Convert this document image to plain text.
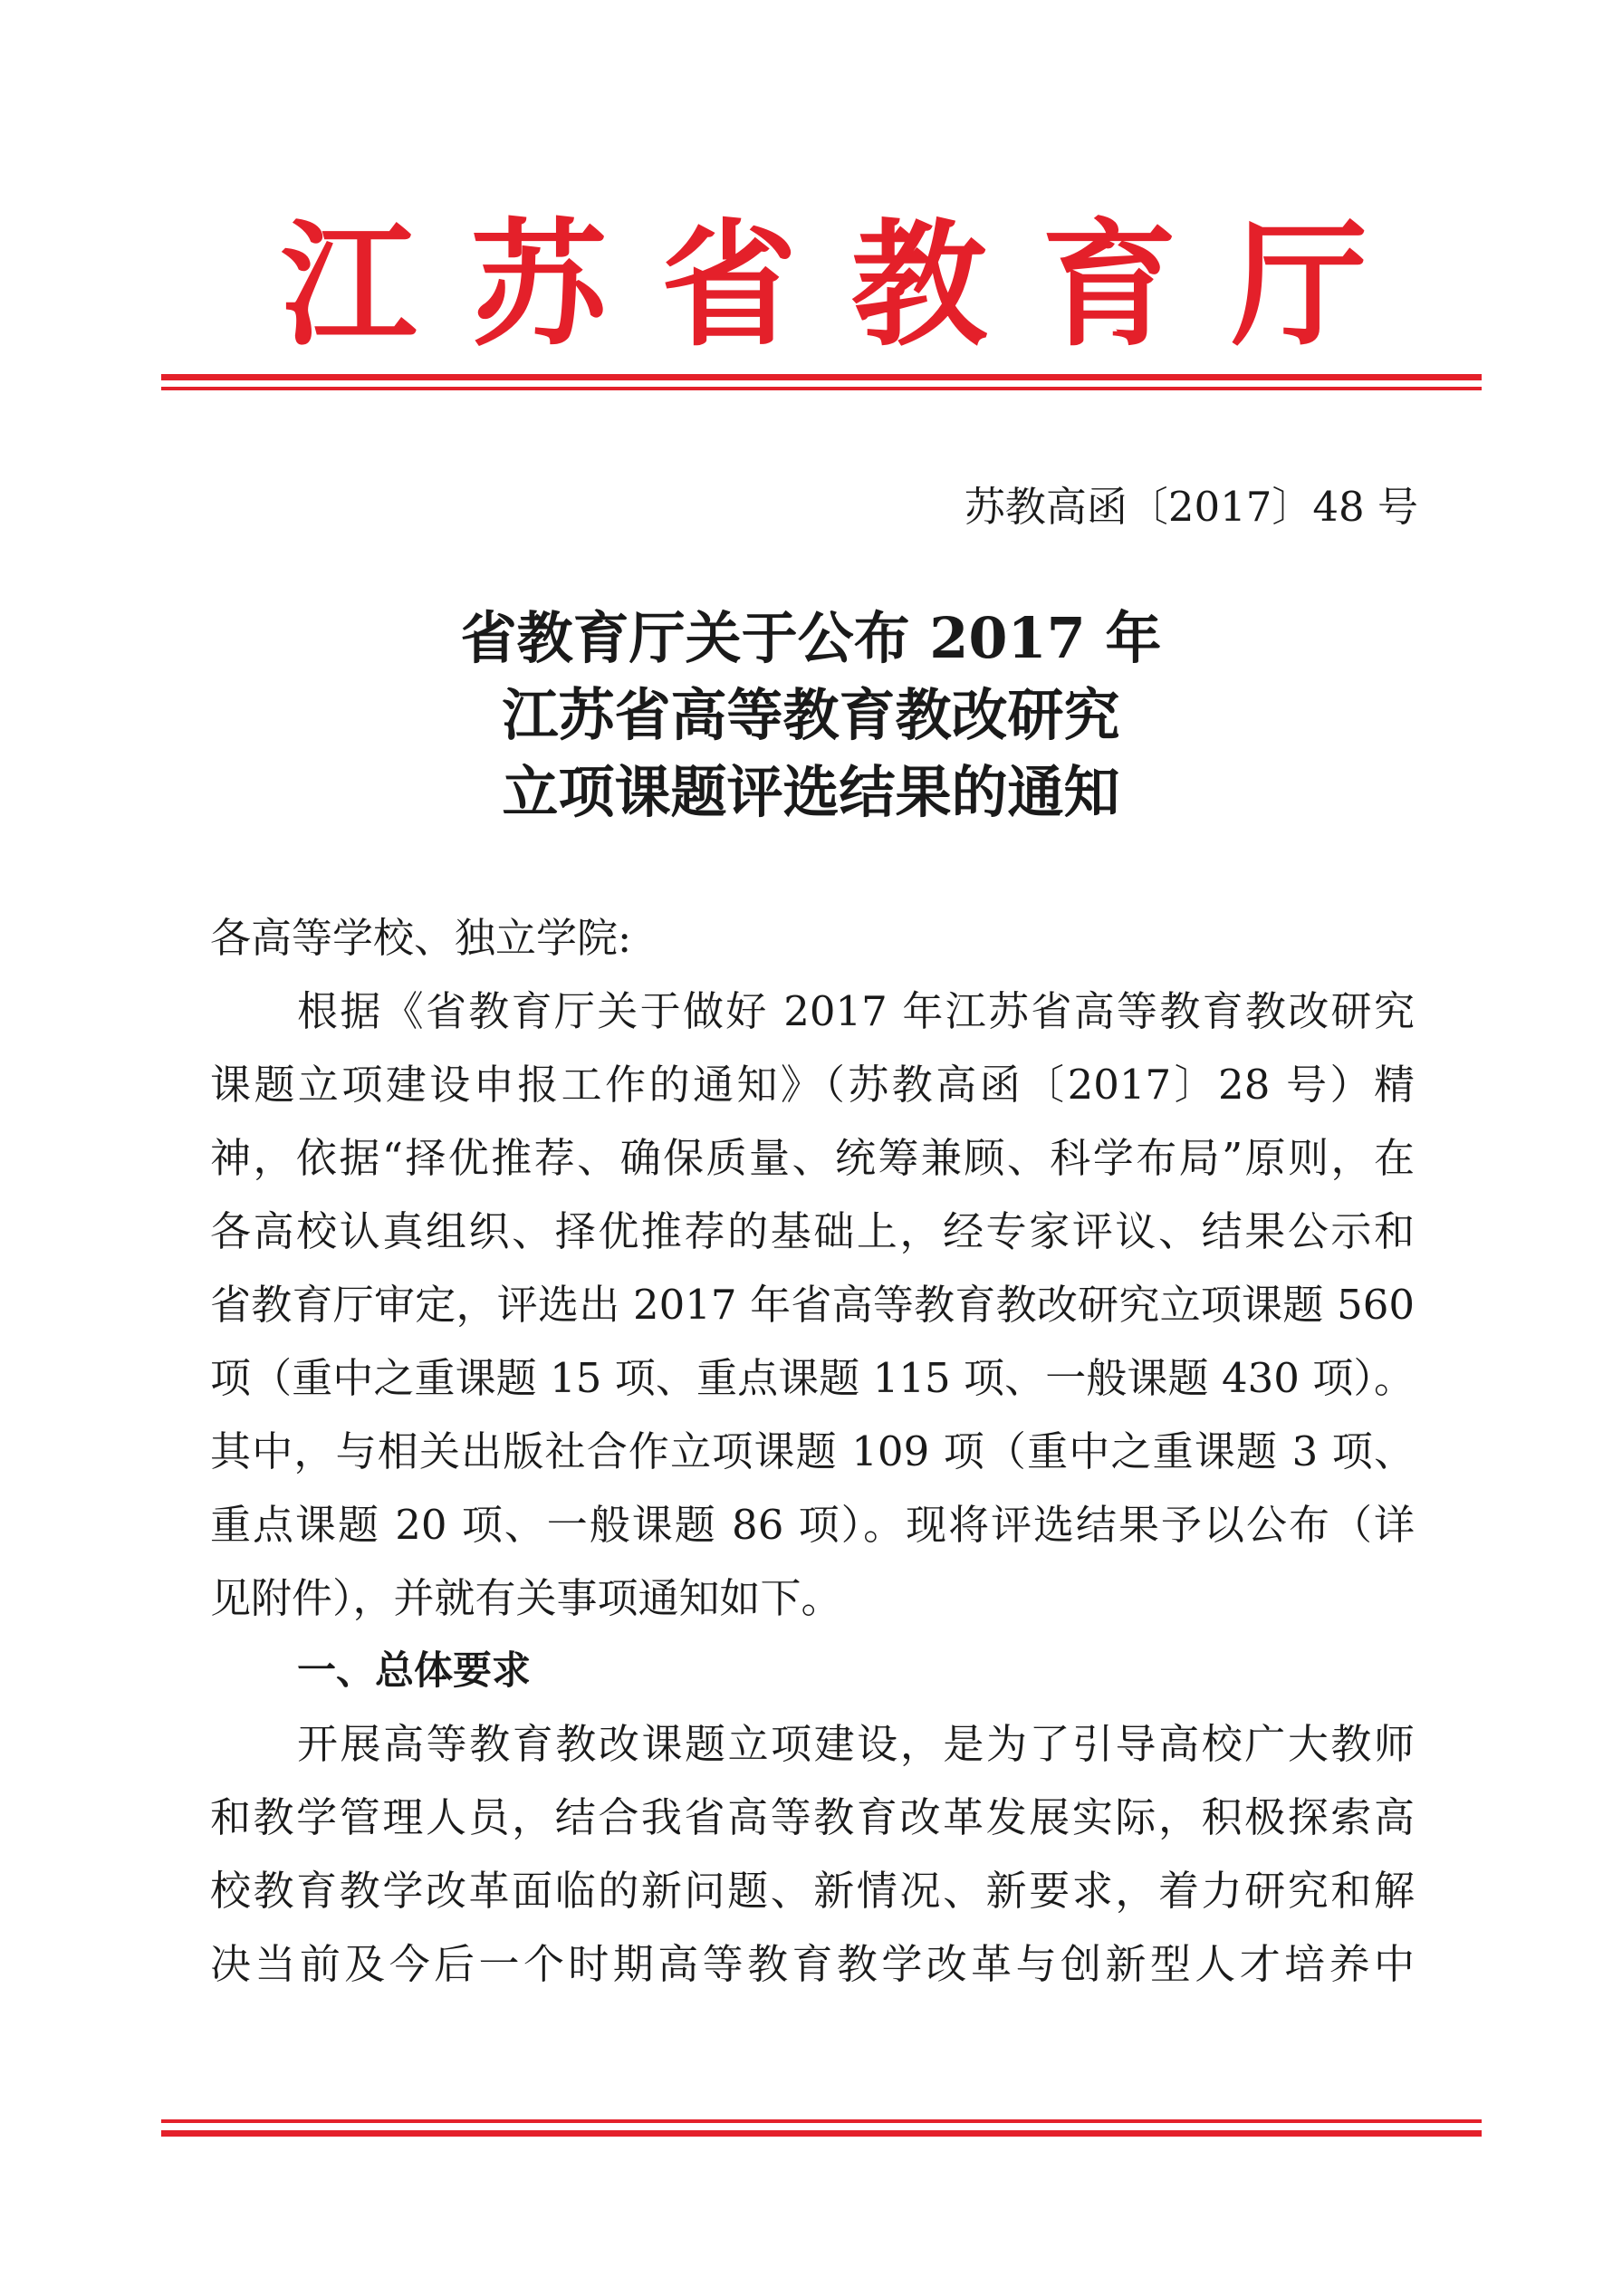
江 苏 省 教 育 厅
苏教高函〔2017〕48 号
省教育厅关于公布 2017 年
江苏省高等教育教改研究
立项课题评选结果的通知
各高等学校、独立学院:
根据《省教育厅关于做好 2017 年江苏省高等教育教改研究
课题立项建设申报工作的通知》（苏教高函〔2017〕28 号）精
神，依据“择优推荐、确保质量、统筹兼顾、科学布局”原则，在
各高校认真组织、择优推荐的基础上，经专家评议、结果公示和
省教育厅审定，评选出 2017 年省高等教育教改研究立项课题 560
项（重中之重课题 15 项、重点课题 115 项、一般课题 430 项）。
其中，与相关出版社合作立项课题 109 项（重中之重课题 3 项、
重点课题 20 项、一般课题 86 项）。现将评选结果予以公布（详
见附件），并就有关事项通知如下。
一、总体要求
开展高等教育教改课题立项建设，是为了引导高校广大教师
和教学管理人员，结合我省高等教育改革发展实际，积极探索高
校教育教学改革面临的新问题、新情况、新要求，着力研究和解
决当前及今后一个时期高等教育教学改革与创新型人才培养中
